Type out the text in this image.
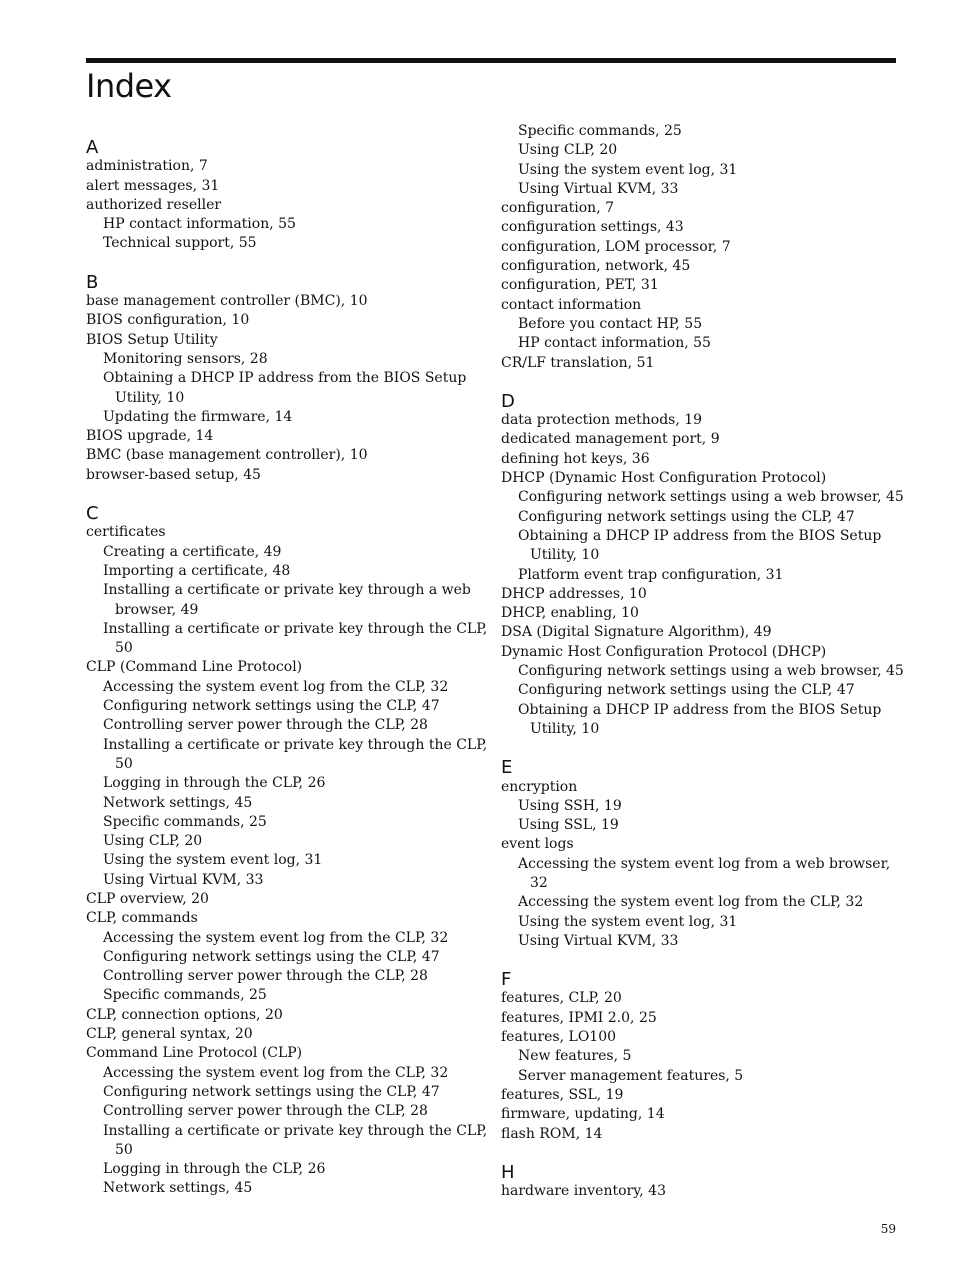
Index
A
administration, 7
alert messages, 31
authorized reseller
HP contact information, 55
Technical support, 55
B
base management controller (BMC), 10
BIOS configuration, 10
BIOS Setup Utility
Monitoring sensors, 28
Obtaining a DHCP IP address from the BIOS Setup
Utility, 10
Updating the firmware, 14
BIOS upgrade, 14
BMC (base management controller), 10
browser-based setup, 45
C
certificates
Creating a certificate, 49
Importing a certificate, 48
Installing a certificate or private key through a web
browser, 49
Installing a certificate or private key through the CLP,
50
CLP (Command Line Protocol)
Accessing the system event log from the CLP, 32
Configuring network settings using the CLP, 47
Controlling server power through the CLP, 28
Installing a certificate or private key through the CLP,
50
Logging in through the CLP, 26
Network settings, 45
Specific commands, 25
Using CLP, 20
Using the system event log, 31
Using Virtual KVM, 33
CLP overview, 20
CLP, commands
Accessing the system event log from the CLP, 32
Configuring network settings using the CLP, 47
Controlling server power through the CLP, 28
Specific commands, 25
CLP, connection options, 20
CLP, general syntax, 20
Command Line Protocol (CLP)
Accessing the system event log from the CLP, 32
Configuring network settings using the CLP, 47
Controlling server power through the CLP, 28
Installing a certificate or private key through the CLP,
50
Logging in through the CLP, 26
Network settings, 45
Specific commands, 25
Using CLP, 20
Using the system event log, 31
Using Virtual KVM, 33
configuration, 7
configuration settings, 43
configuration, LOM processor, 7
configuration, network, 45
configuration, PET, 31
contact information
Before you contact HP, 55
HP contact information, 55
CR/LF translation, 51
D
data protection methods, 19
dedicated management port, 9
defining hot keys, 36
DHCP (Dynamic Host Configuration Protocol)
Configuring network settings using a web browser, 45
Configuring network settings using the CLP, 47
Obtaining a DHCP IP address from the BIOS Setup
Utility, 10
Platform event trap configuration, 31
DHCP addresses, 10
DHCP, enabling, 10
DSA (Digital Signature Algorithm), 49
Dynamic Host Configuration Protocol (DHCP)
Configuring network settings using a web browser, 45
Configuring network settings using the CLP, 47
Obtaining a DHCP IP address from the BIOS Setup
Utility, 10
E
encryption
Using SSH, 19
Using SSL, 19
event logs
Accessing the system event log from a web browser,
32
Accessing the system event log from the CLP, 32
Using the system event log, 31
Using Virtual KVM, 33
F
features, CLP, 20
features, IPMI 2.0, 25
features, LO100
New features, 5
Server management features, 5
features, SSL, 19
firmware, updating, 14
flash ROM, 14
H
hardware inventory, 43
59
